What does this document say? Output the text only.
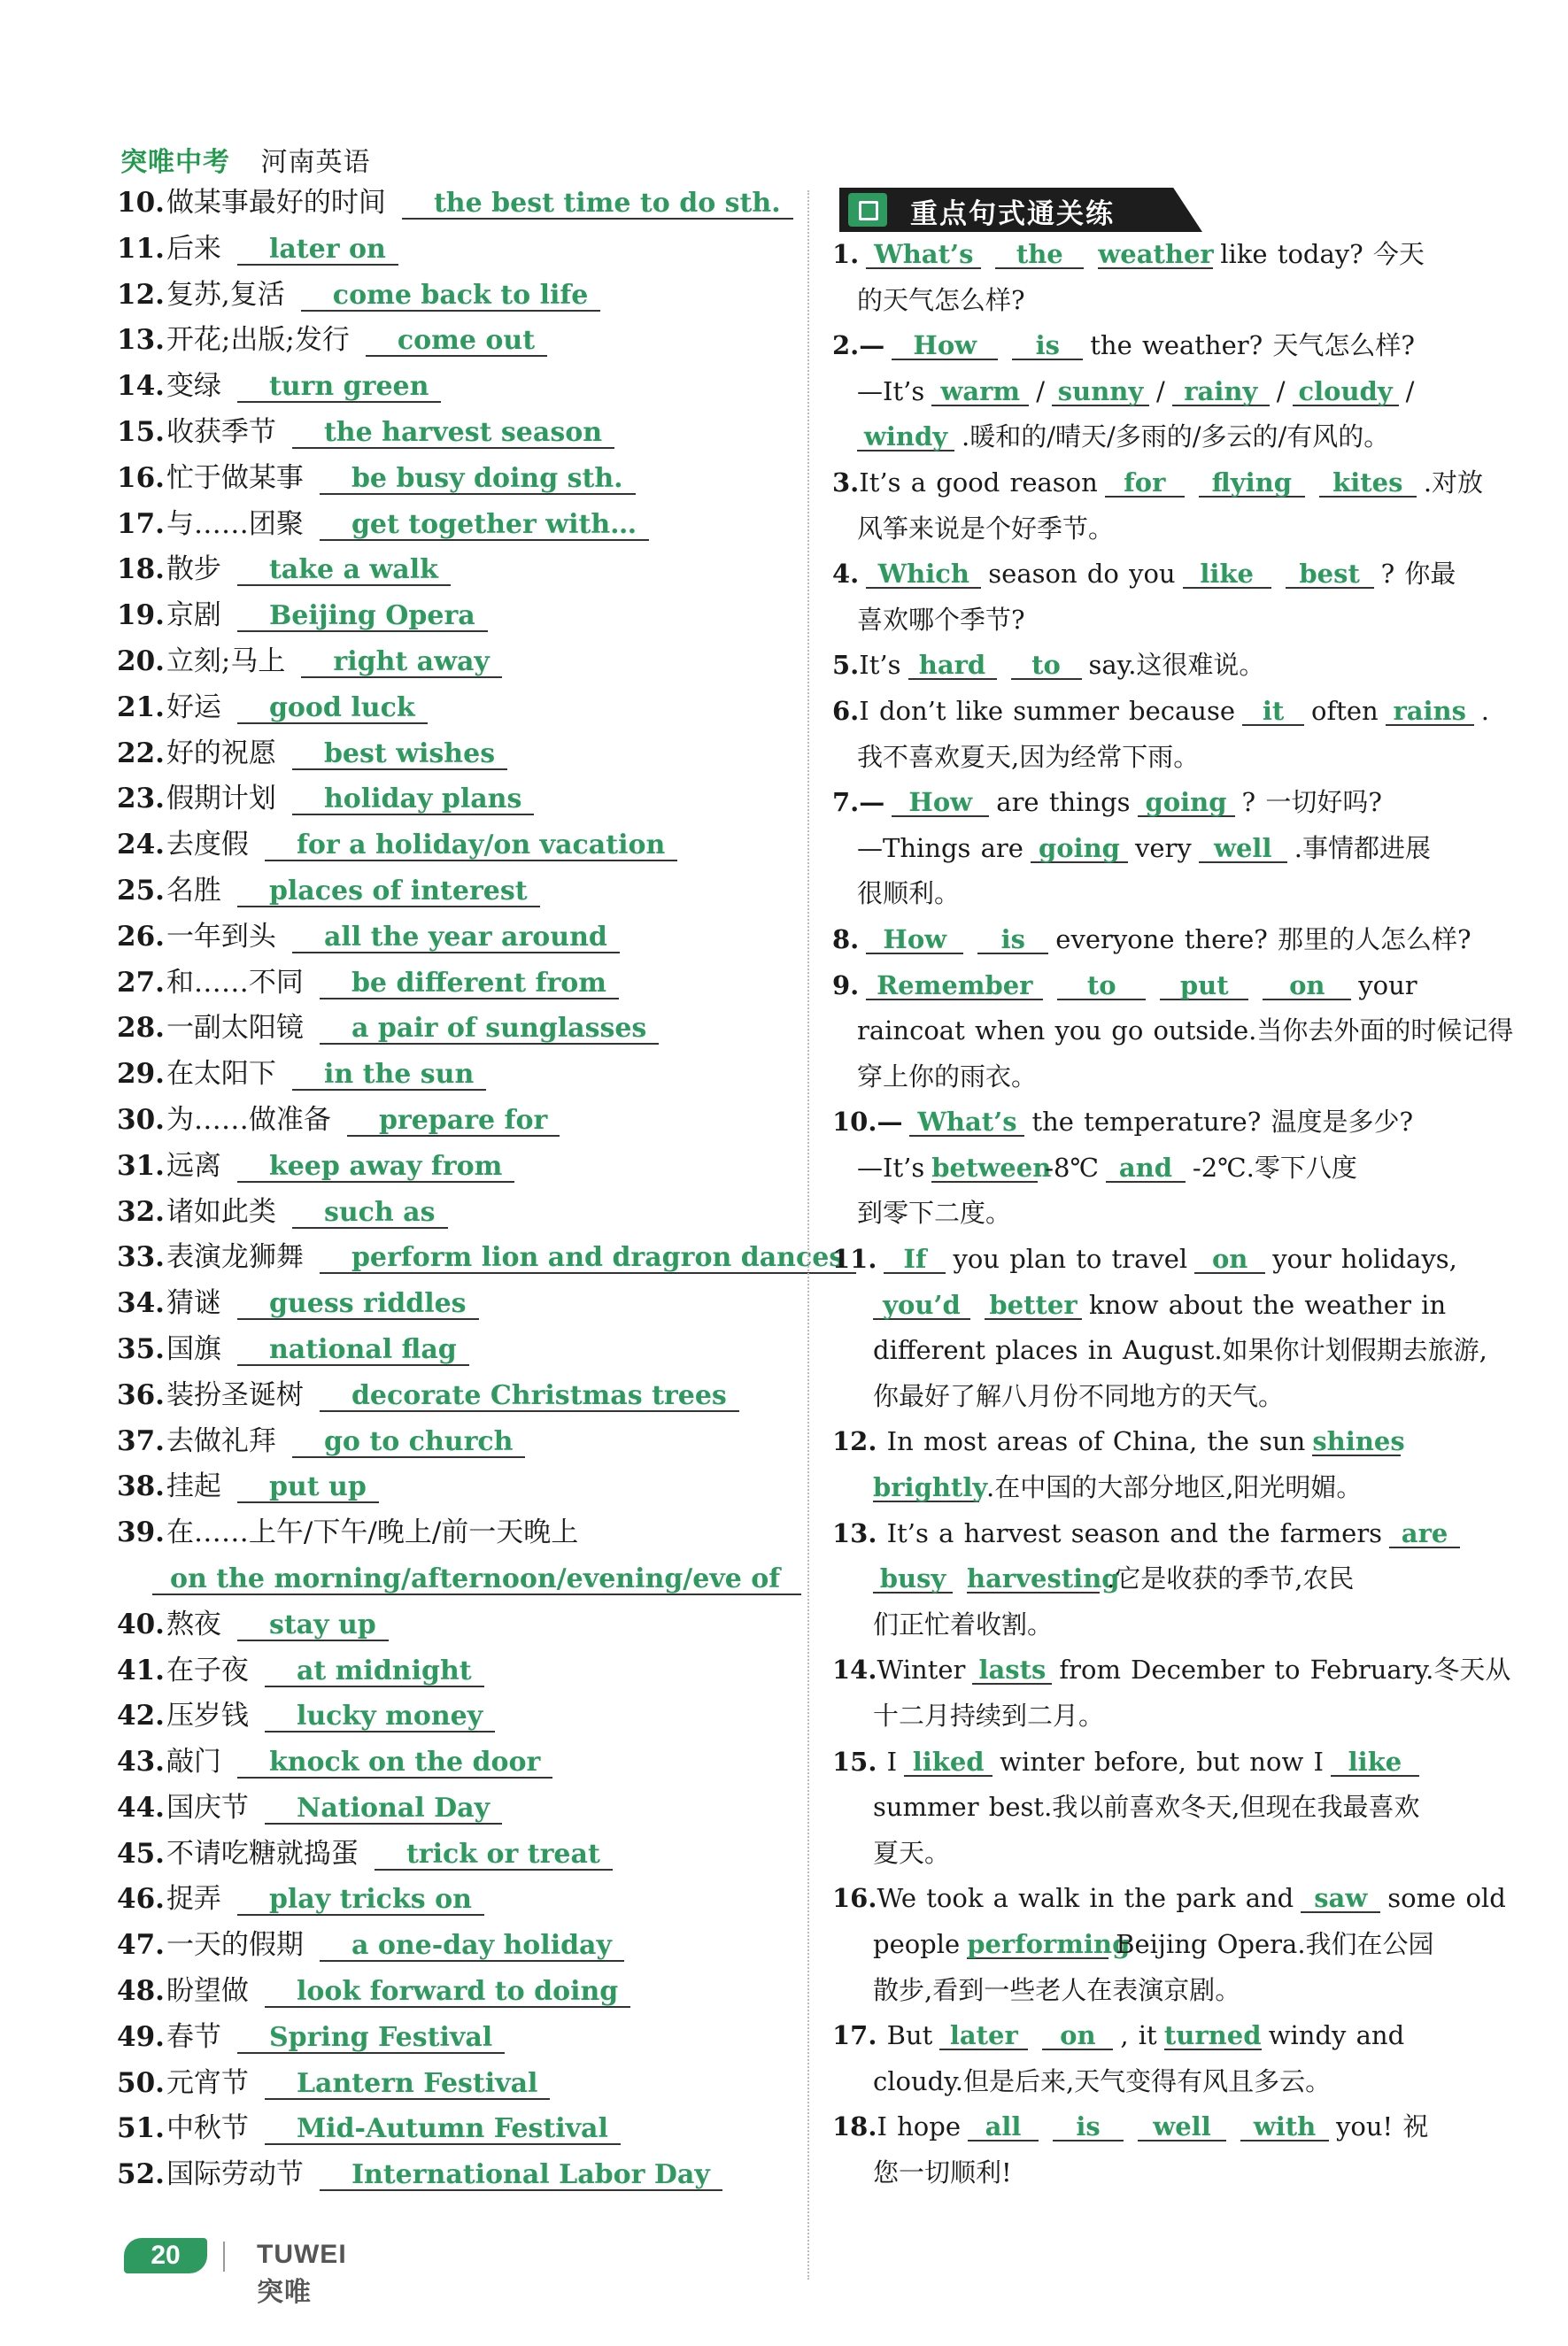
突唯中考 河南英语
10.做某事最好的时间 the best time to do sth.
11.后来 later on
12.复苏,复活 come back to life
13.开花;出版;发行 come out
14.变绿 turn green
15.收获季节 the harvest season
16.忙于做某事 be busy doing sth.
17.与……团聚 get together with…
18.散步 take a walk
19.京剧 Beijing Opera
20.立刻;马上 right away
21.好运 good luck
22.好的祝愿 best wishes
23.假期计划 holiday plans
24.去度假 for a holiday/on vacation
25.名胜 places of interest
26.一年到头 all the year around
27.和……不同 be different from
28.一副太阳镜 a pair of sunglasses
29.在太阳下 in the sun
30.为……做准备 prepare for
31.远离 keep away from
32.诸如此类 such as
33.表演龙狮舞 perform lion and dragron dances
34.猜谜 guess riddles
35.国旗 national flag
36.装扮圣诞树 decorate Christmas trees
37.去做礼拜 go to church
38.挂起 put up
39.在……上午/下午/晚上/前一天晚上
on the morning/afternoon/evening/eve of
40.熬夜 stay up
41.在子夜 at midnight
42.压岁钱 lucky money
43.敲门 knock on the door
44.国庆节 National Day
45.不请吃糖就捣蛋 trick or treat
46.捉弄 play tricks on
47.一天的假期 a one-day holiday
48.盼望做 look forward to doing
49.春节 Spring Festival
50.元宵节 Lantern Festival
51.中秋节 Mid-Autumn Festival
52.国际劳动节 International Labor Day
重点句式通关练
1. What’s the weather like today? 今天
的天气怎么样?
2.— How is the weather? 天气怎么样?
—It’s warm / sunny / rainy / cloudy /
windy .暖和的/晴天/多雨的/多云的/有风的。
3.It’s a good reason for flying kites .对放
风筝来说是个好季节。
4. Which season do you like best ? 你最
喜欢哪个季节?
5.It’s hard to say.这很难说。
6.I don’t like summer because it often rains .
我不喜欢夏天,因为经常下雨。
7.— How are things going ? 一切好吗?
—Things are going very well .事情都进展
很顺利。
8. How is everyone there? 那里的人怎么样?
9. Remember to put on your
raincoat when you go outside.当你去外面的时候记得
穿上你的雨衣。
10.— What’s the temperature? 温度是多少?
—It’s between-8℃ and -2℃.零下八度
到零下二度。
11. If you plan to travel on your holidays,
you’d better know about the weather in
different places in August.如果你计划假期去旅游,
你最好了解八月份不同地方的天气。
12. In most areas of China, the sun shines
brightly.在中国的大部分地区,阳光明媚。
13. It’s a harvest season and the farmers are
busy harvesting.它是收获的季节,农民
们正忙着收割。
14.Winter lasts from December to February.冬天从
十二月持续到二月。
15. I liked winter before, but now I like
summer best.我以前喜欢冬天,但现在我最喜欢
夏天。
16.We took a walk in the park and saw some old
people performingBeijing Opera.我们在公园
散步,看到一些老人在表演京剧。
17. But later on , it turned windy and
cloudy.但是后来,天气变得有风且多云。
18.I hope all is well with you! 祝
您一切顺利!
20	TUWEI突唯
